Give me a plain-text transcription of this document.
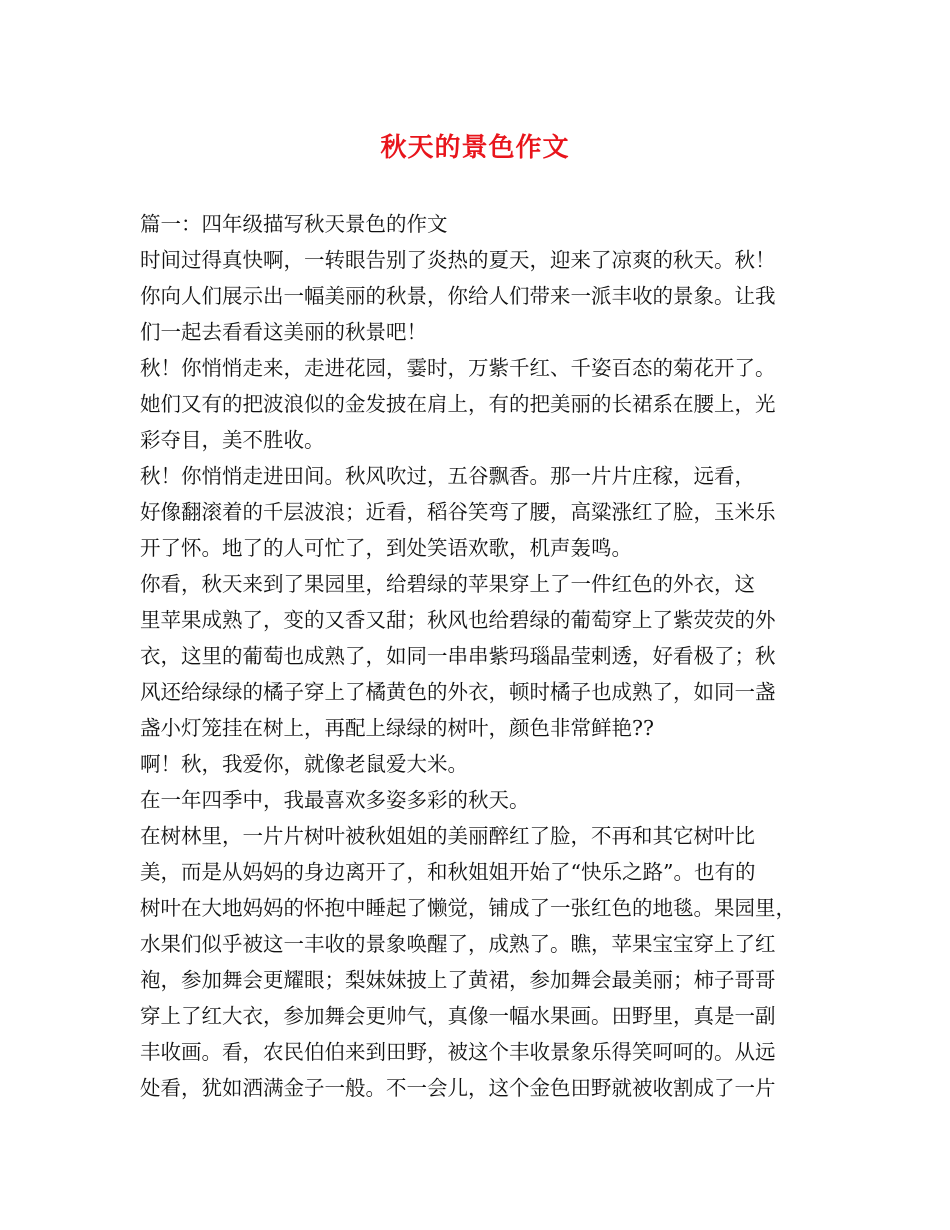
秋天的景色作文
篇一：四年级描写秋天景色的作文
时间过得真快啊，一转眼告别了炎热的夏天，迎来了凉爽的秋天。秋！
你向人们展示出一幅美丽的秋景，你给人们带来一派丰收的景象。让我
们一起去看看这美丽的秋景吧！
秋！你悄悄走来，走进花园，霎时，万紫千红、千姿百态的菊花开了。
她们又有的把波浪似的金发披在肩上，有的把美丽的长裙系在腰上，光
彩夺目，美不胜收。
秋！你悄悄走进田间。秋风吹过，五谷飘香。那一片片庄稼，远看，
好像翻滚着的千层波浪；近看，稻谷笑弯了腰，高粱涨红了脸，玉米乐
开了怀。地了的人可忙了，到处笑语欢歌，机声轰鸣。
你看，秋天来到了果园里，给碧绿的苹果穿上了一件红色的外衣，这
里苹果成熟了，变的又香又甜；秋风也给碧绿的葡萄穿上了紫荧荧的外
衣，这里的葡萄也成熟了，如同一串串紫玛瑙晶莹剌透，好看极了；秋
风还给绿绿的橘子穿上了橘黄色的外衣，顿时橘子也成熟了，如同一盏
盏小灯笼挂在树上，再配上绿绿的树叶，颜色非常鲜艳??
啊！秋，我爱你，就像老鼠爱大米。
在一年四季中，我最喜欢多姿多彩的秋天。
在树林里，一片片树叶被秋姐姐的美丽醉红了脸，不再和其它树叶比
美，而是从妈妈的身边离开了，和秋姐姐开始了“快乐之路”。也有的
树叶在大地妈妈的怀抱中睡起了懒觉，铺成了一张红色的地毯。果园里，
水果们似乎被这一丰收的景象唤醒了，成熟了。瞧，苹果宝宝穿上了红
袍，参加舞会更耀眼；梨妹妹披上了黄裙，参加舞会最美丽；柿子哥哥
穿上了红大衣，参加舞会更帅气，真像一幅水果画。田野里，真是一副
丰收画。看，农民伯伯来到田野，被这个丰收景象乐得笑呵呵的。从远
处看，犹如洒满金子一般。不一会儿，这个金色田野就被收割成了一片
